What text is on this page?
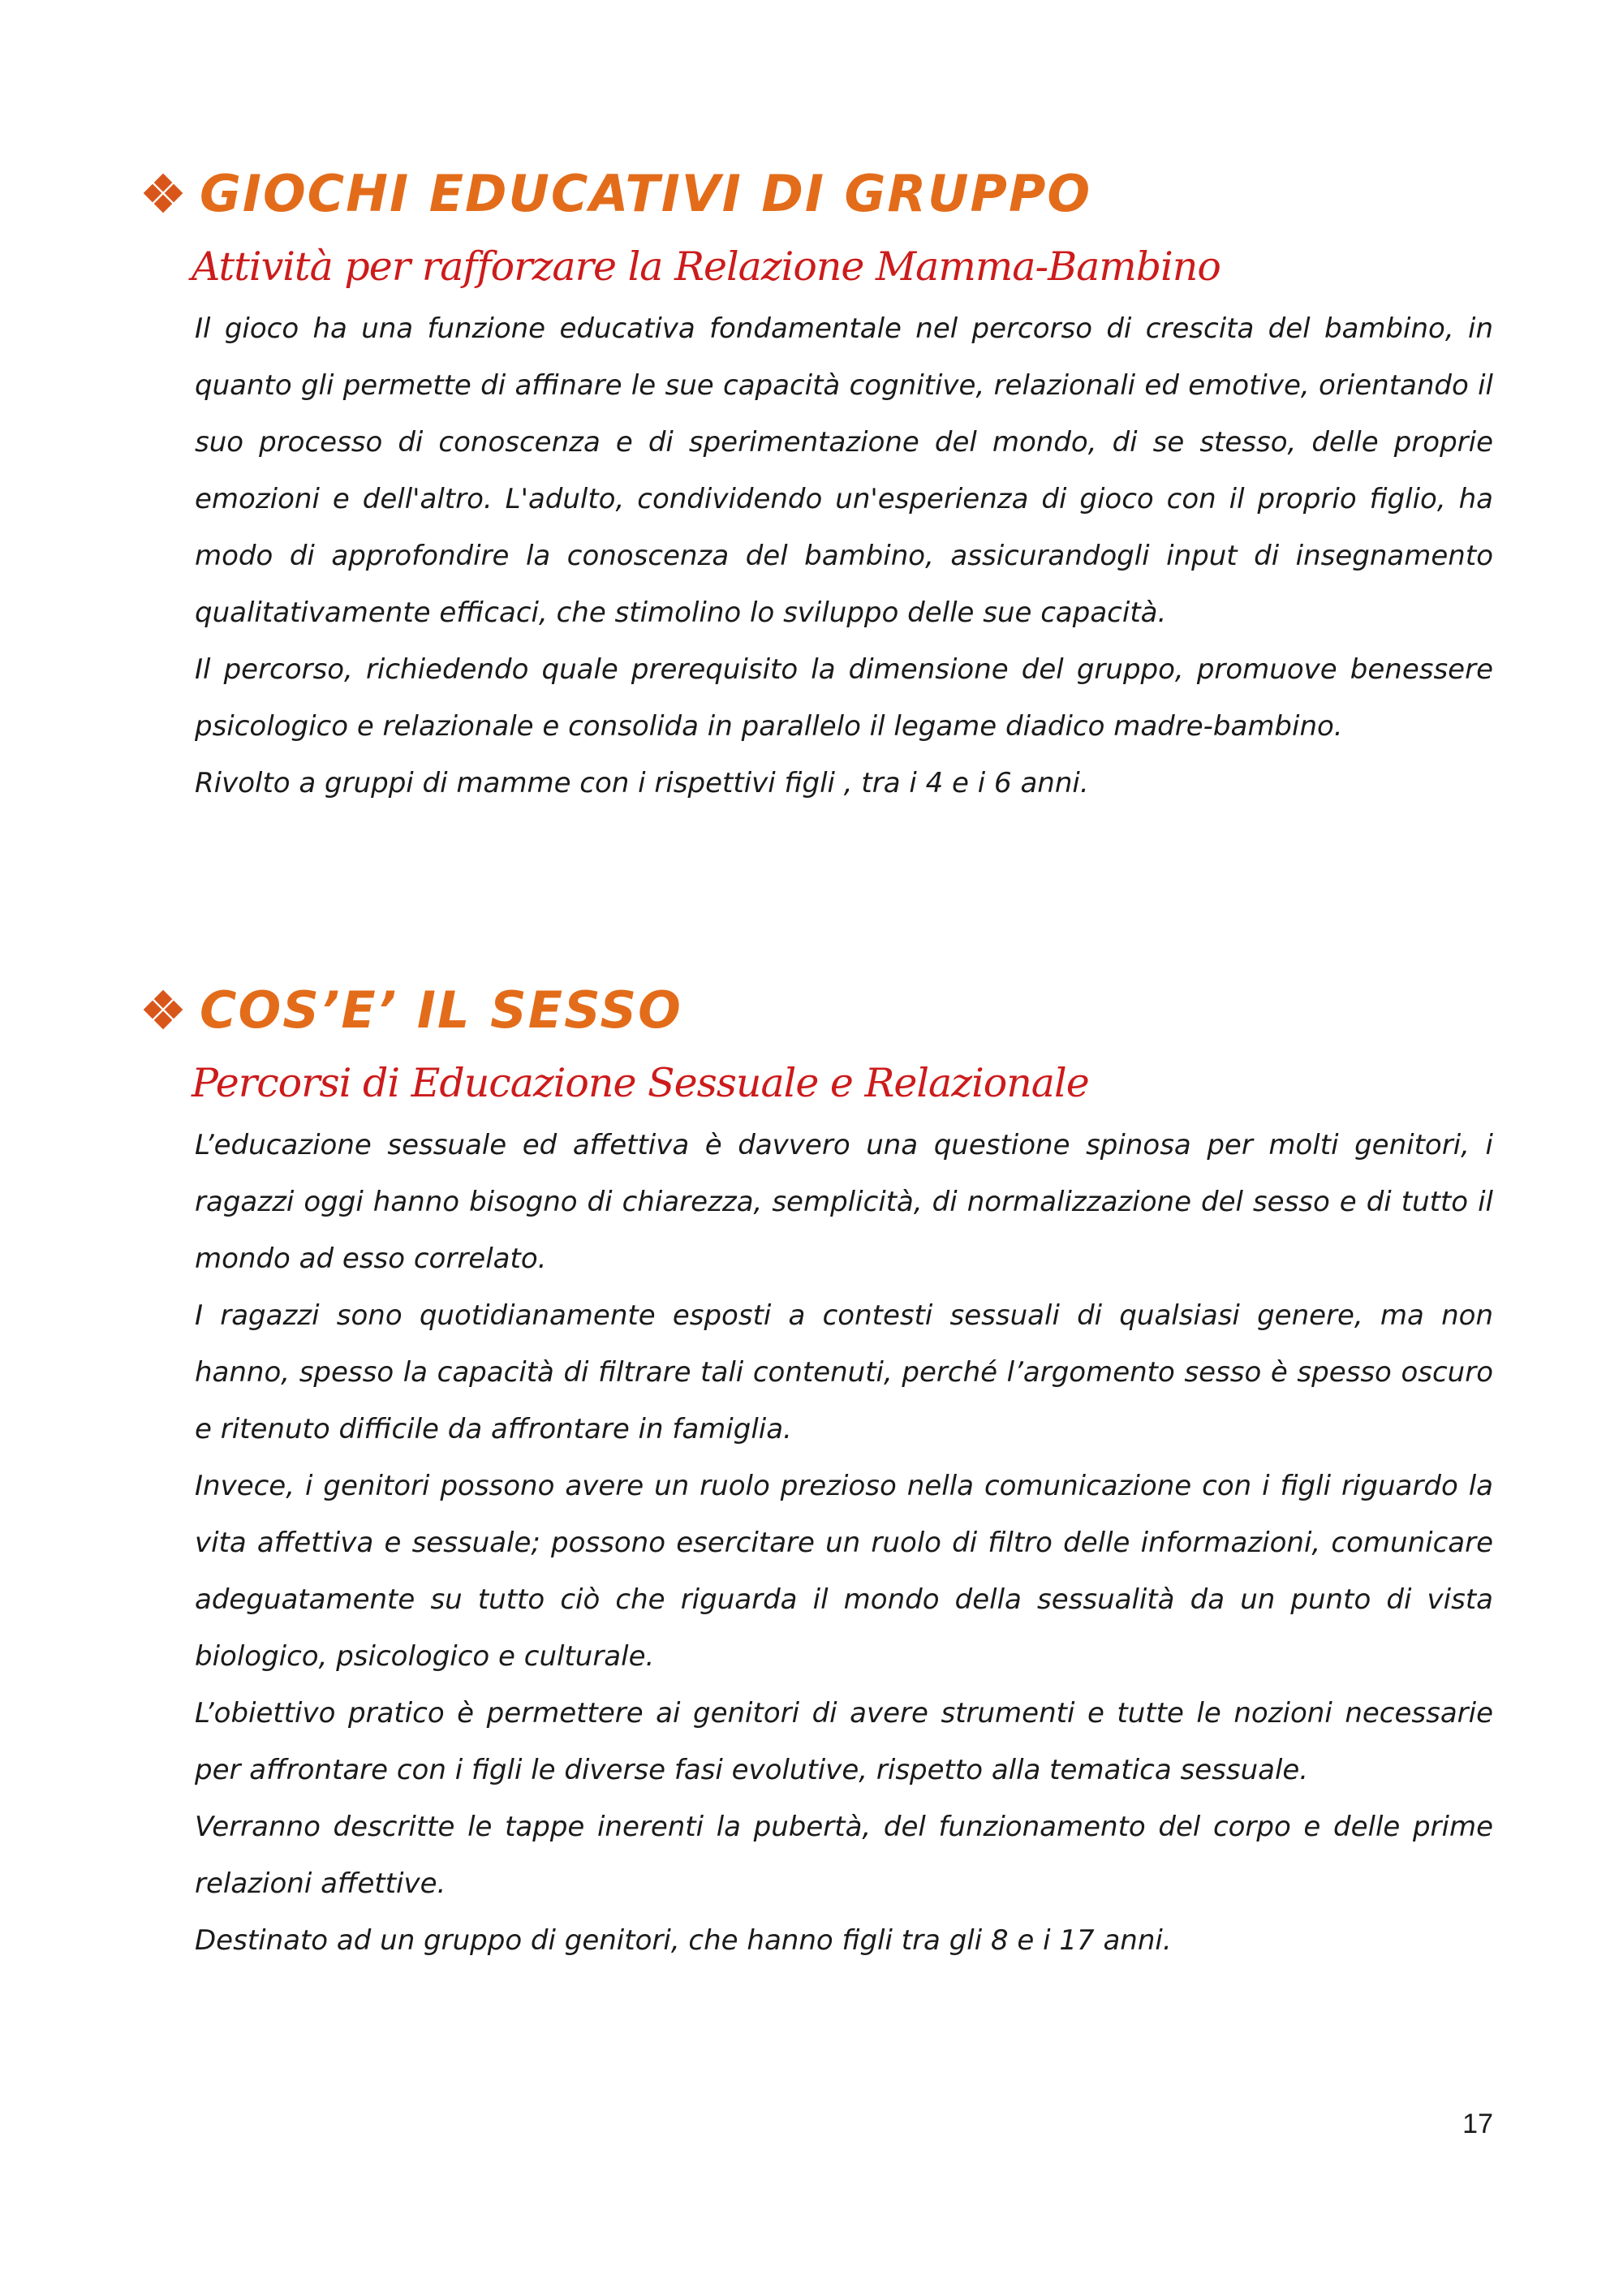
GIOCHI EDUCATIVI DI GRUPPO
Attività per rafforzare la Relazione Mamma-Bambino

Il gioco ha una funzione educativa fondamentale nel percorso di crescita del bambino, in quanto gli permette di affinare le sue capacità cognitive, relazionali ed emotive, orientando il suo processo di conoscenza e di sperimentazione del mondo, di se stesso, delle proprie emozioni e dell'altro. L'adulto, condividendo un'esperienza di gioco con il proprio figlio, ha modo di approfondire la conoscenza del bambino, assicurandogli input di insegnamento qualitativamente efficaci, che stimolino lo sviluppo delle sue capacità.

Il percorso, richiedendo quale prerequisito la dimensione del gruppo, promuove benessere psicologico e relazionale e consolida in parallelo il legame diadico madre-bambino.

Rivolto a gruppi di mamme con i rispettivi figli , tra i 4 e i 6 anni.

COS’E’ IL SESSO
Percorsi di Educazione Sessuale e Relazionale

L’educazione sessuale ed affettiva è davvero una questione spinosa per molti genitori, i ragazzi oggi hanno bisogno di chiarezza, semplicità, di normalizzazione del sesso e di tutto il mondo ad esso correlato.

I ragazzi sono quotidianamente esposti a contesti sessuali di qualsiasi genere, ma non hanno, spesso la capacità di filtrare tali contenuti, perché l’argomento sesso è spesso oscuro e ritenuto difficile da affrontare in famiglia.

Invece, i genitori possono avere un ruolo prezioso nella comunicazione con i figli riguardo la vita affettiva e sessuale; possono esercitare un ruolo di filtro delle informazioni, comunicare adeguatamente su tutto ciò che riguarda il mondo della sessualità da un punto di vista biologico, psicologico e culturale.

L’obiettivo pratico è permettere ai genitori di avere strumenti e tutte le nozioni necessarie per affrontare con i figli le diverse fasi evolutive, rispetto alla tematica sessuale.

Verranno descritte le tappe inerenti la pubertà, del funzionamento del corpo e delle prime relazioni affettive.

Destinato ad un gruppo di genitori, che hanno figli tra gli 8 e i 17 anni.

17
